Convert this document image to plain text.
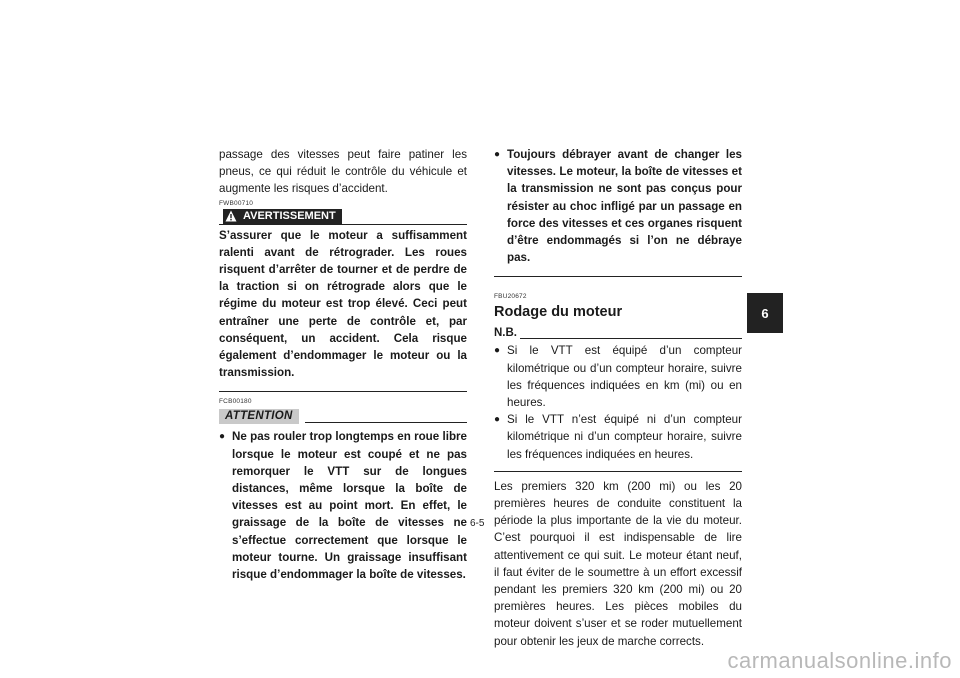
passage des vitesses peut faire patiner les pneus, ce qui réduit le contrôle du véhicule et augmente les risques d’accident.

FWB00710
AVERTISSEMENT

S’assurer que le moteur a suffisamment ralenti avant de rétrograder. Les roues risquent d’arrêter de tourner et de perdre de la traction si on rétrograde alors que le régime du moteur est trop élevé. Ceci peut entraîner une perte de contrôle et, par conséquent, un accident. Cela risque également d’endommager le moteur ou la transmission.

FCB00180
ATTENTION
● Ne pas rouler trop longtemps en roue libre lorsque le moteur est coupé et ne pas remorquer le VTT sur de longues distances, même lorsque la boîte de vitesses est au point mort. En effet, le graissage de la boîte de vitesses ne s’effectue correctement que lorsque le moteur tourne. Un graissage insuffisant risque d’endommager la boîte de vitesses.
● Toujours débrayer avant de changer les vitesses. Le moteur, la boîte de vitesses et la transmission ne sont pas conçus pour résister au choc infligé par un passage en force des vitesses et ces organes risquent d’être endommagés si l’on ne débraye pas.
FBU20672
Rodage du moteur
N.B.
● Si le VTT est équipé d’un compteur kilométrique ou d’un compteur horaire, suivre les fréquences indiquées en km (mi) ou en heures.
● Si le VTT n’est équipé ni d’un compteur kilométrique ni d’un compteur horaire, suivre les fréquences indiquées en heures.

Les premiers 320 km (200 mi) ou les 20 premières heures de conduite constituent la période la plus importante de la vie du moteur. C’est pourquoi il est indispensable de lire attentivement ce qui suit. Le moteur étant neuf, il faut éviter de le soumettre à un effort excessif pendant les premiers 320 km (200 mi) ou 20 premières heures. Les pièces mobiles du moteur doivent s’user et se roder mutuellement pour obtenir les jeux de marche corrects.

6
6-5
carmanualsonline.info
